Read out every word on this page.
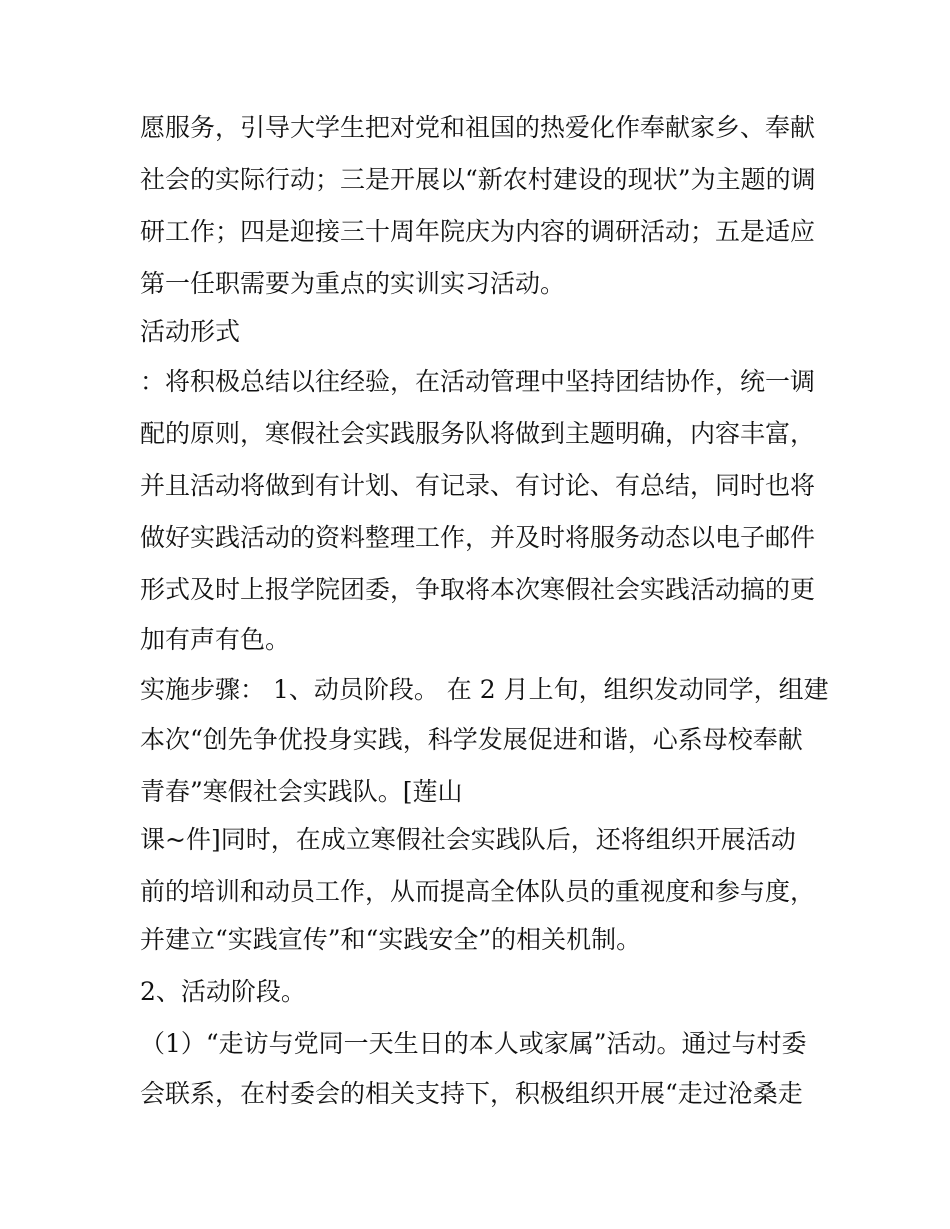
愿服务，引导大学生把对党和祖国的热爱化作奉献家乡、奉献

社会的实际行动；三是开展以“新农村建设的现状”为主题的调

研工作；四是迎接三十周年院庆为内容的调研活动；五是适应

第一任职需要为重点的实训实习活动。

活动形式

：将积极总结以往经验，在活动管理中坚持团结协作，统一调

配的原则，寒假社会实践服务队将做到主题明确，内容丰富，

并且活动将做到有计划、有记录、有讨论、有总结，同时也将

做好实践活动的资料整理工作，并及时将服务动态以电子邮件

形式及时上报学院团委，争取将本次寒假社会实践活动搞的更

加有声有色。

实施步骤： 1、动员阶段。 在 2 月上旬，组织发动同学，组建

本次“创先争优投身实践，科学发展促进和谐，心系母校奉献

青春”寒假社会实践队。[莲山

课~件]同时，在成立寒假社会实践队后，还将组织开展活动

前的培训和动员工作，从而提高全体队员的重视度和参与度，

并建立“实践宣传”和“实践安全”的相关机制。

2、活动阶段。

（1）“走访与党同一天生日的本人或家属”活动。通过与村委

会联系，在村委会的相关支持下，积极组织开展“走过沧桑走
